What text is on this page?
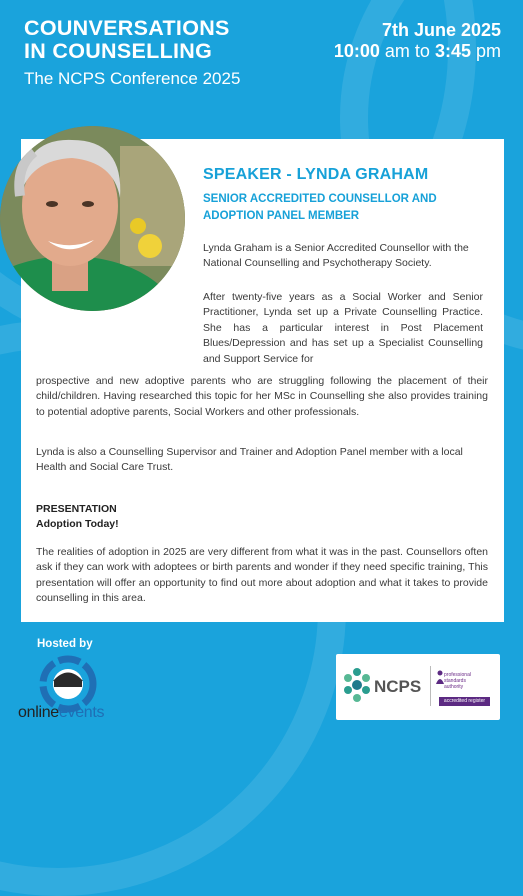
COUNVERSATIONS
IN COUNSELLING
The NCPS Conference 2025
7th June 2025
10:00 am to 3:45 pm
SPEAKER - LYNDA GRAHAM
SENIOR ACCREDITED COUNSELLOR AND
ADOPTION PANEL MEMBER

Lynda Graham is a Senior Accredited Counsellor with the National Counselling and Psychotherapy Society.

After twenty-five years as a Social Worker and Senior Practitioner, Lynda set up a Private Counselling Practice. She has a particular interest in Post Placement Blues/Depression and has set up a Specialist Counselling and Support Service for

prospective and new adoptive parents who are struggling following the placement of their child/children. Having researched this topic for her MSc in Counselling she also provides training to potential adoptive parents, Social Workers and other professionals.

Lynda is also a Counselling Supervisor and Trainer and Adoption Panel member with a local Health and Social Care Trust.

PRESENTATION
Adoption Today!

The realities of adoption in 2025 are very different from what it was in the past. Counsellors often ask if they can work with adoptees or birth parents and wonder if they need specific training, This presentation will offer an opportunity to find out more about adoption and what it takes to provide counselling in this area.

Hosted by
onlineevents
NCPS
professional
standards
authority
accredited register
